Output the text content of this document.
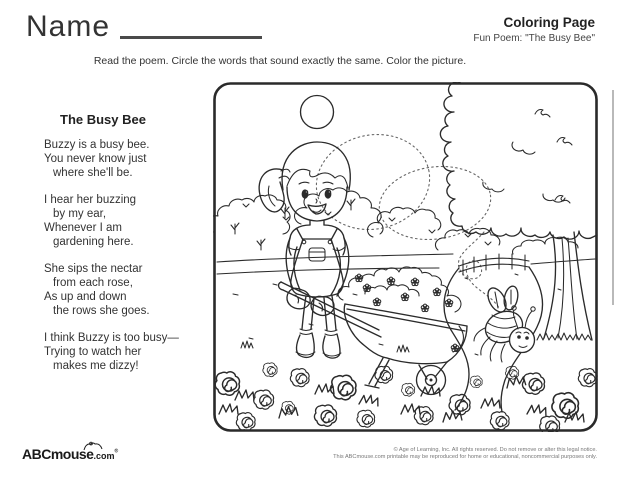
Name	Coloring Page
Fun Poem: "The Busy Bee"
Read the poem. Circle the words that sound exactly the same. Color the picture.
The Busy Bee
Buzzy is a busy bee.
You never know just
where she'll be.
I hear her buzzing
by my ear,
Whenever I am
gardening here.
She sips the nectar
from each rose,
As up and down
the rows she goes.
I think Buzzy is too busy—
Trying to watch her
makes me dizzy!
ABCmouse.com®	© Age of Learning, Inc. All rights reserved. Do not remove or alter this legal notice.
This ABCmouse.com printable may be reproduced for home or educational, noncommercial purposes only.
